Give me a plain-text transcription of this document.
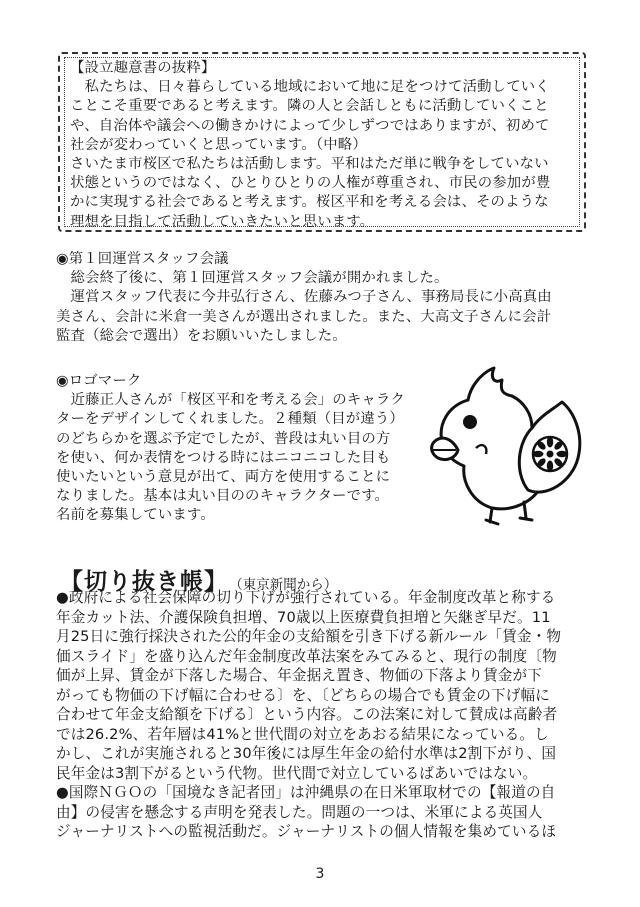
【設立趣意書の抜粋】
　私たちは、日々暮らしている地域において地に足をつけて活動していく
ことこそ重要であると考えます。隣の人と会話しともに活動していくこと
や、自治体や議会への働きかけによって少しずつではありますが、初めて
社会が変わっていくと思っています。（中略）
さいたま市桜区で私たちは活動します。平和はただ単に戦争をしていない
状態というのではなく、ひとりひとりの人権が尊重され、市民の参加が豊
かに実現する社会であると考えます。桜区平和を考える会は、そのような
理想を目指して活動していきたいと思います。
◉第１回運営スタッフ会議
　総会終了後に、第１回運営スタッフ会議が開かれました。
　運営スタッフ代表に今井弘行さん、佐藤みつ子さん、事務局長に小高真由
美さん、会計に米倉一美さんが選出されました。また、大高文子さんに会計
監査（総会で選出）をお願いいたしました。
◉ロゴマーク
　近藤正人さんが「桜区平和を考える会」のキャラク
ターをデザインしてくれました。２種類（目が違う）
のどちらかを選ぶ予定でしたが、普段は丸い目の方
を使い、何か表情をつける時にはニコニコした目も
使いたいという意見が出て、両方を使用することに
なりました。基本は丸い目ののキャラクターです。
名前を募集しています。
【切り抜き帳】 （東京新聞から）
●政府による社会保障の切り下げが強行されている。年金制度改革と称する
年金カット法、介護保険負担増、70歳以上医療費負担増と矢継ぎ早だ。11
月25日に強行採決された公的年金の支給額を引き下げる新ルール「賃金・物
価スライド」を盛り込んだ年金制度改革法案をみてみると、現行の制度〔物
価が上昇、賃金が下落した場合、年金据え置き、物価の下落より賃金が下
がっても物価の下げ幅に合わせる〕を、〔どちらの場合でも賃金の下げ幅に
合わせて年金支給額を下げる〕という内容。この法案に対して賛成は高齢者
では26.2%、若年層は41%と世代間の対立をあおる結果になっている。し
かし、これが実施されると30年後には厚生年金の給付水準は2割下がり、国
民年金は3割下がるという代物。世代間で対立しているばあいではない。
●国際ＮＧＯの「国境なき記者団」は沖縄県の在日米軍取材での【報道の自
由】の侵害を懸念する声明を発表した。問題の一つは、米軍による英国人
ジャーナリストへの監視活動だ。ジャーナリストの個人情報を集めているほ
3
